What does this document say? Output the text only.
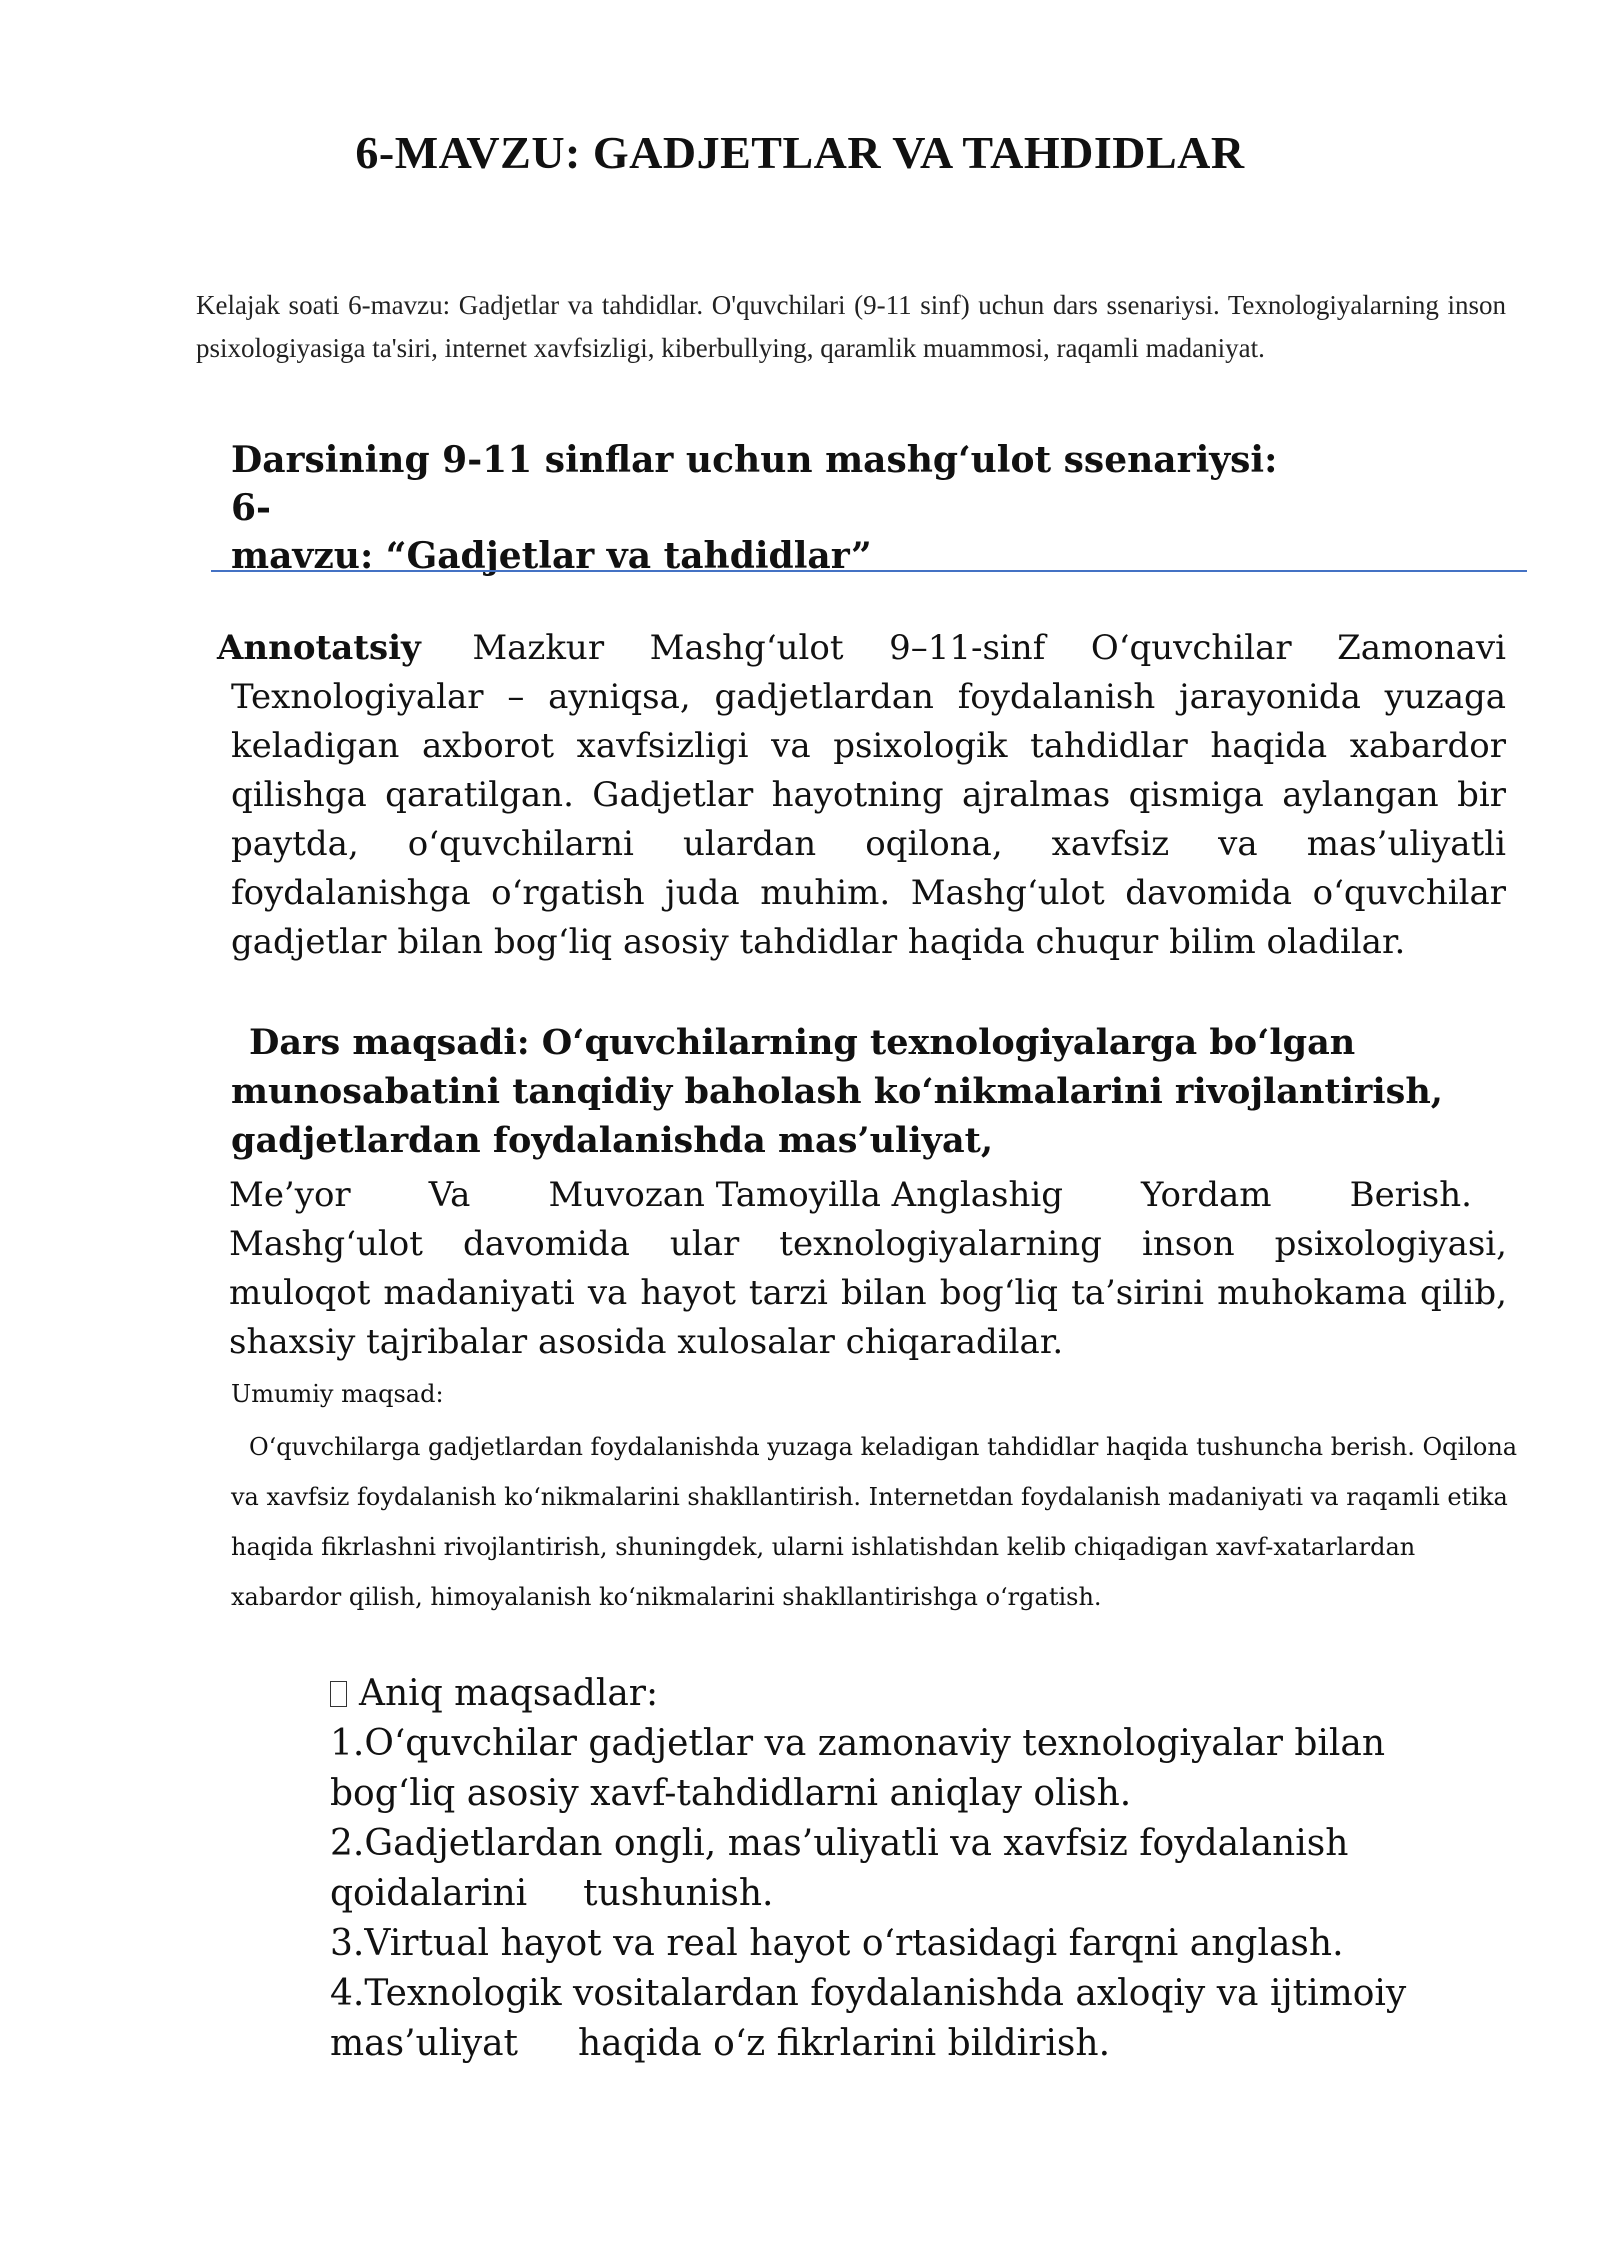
6-MAVZU: GADJETLAR VA TAHDIDLAR

Kelajak soati 6-mavzu: Gadjetlar va tahdidlar. O'quvchilari (9-11 sinf) uchun dars ssenariysi. Texnologiyalarning inson psixologiyasiga ta'siri, internet xavfsizligi, kiberbullying, qaramlik muammosi, raqamli madaniyat.

Darsining 9-11 sinflar uchun mashg‘ulot ssenariysi: 6-
mavzu: “Gadjetlar va tahdidlar”

Annotatsiy Mazkur Mashg‘ulot 9–11-sinf O‘quvchilar Zamonavi Texnologiyalar – ayniqsa, gadjetlardan foydalanish jarayonida yuzaga keladigan axborot xavfsizligi va psixologik tahdidlar haqida xabardor qilishga qaratilgan. Gadjetlar hayotning ajralmas qismiga aylangan bir paytda, o‘quvchilarni ulardan oqilona, xavfsiz va mas’uliyatli foydalanishga o‘rgatish juda muhim. Mashg‘ulot davomida o‘quvchilar gadjetlar bilan bog‘liq asosiy tahdidlar haqida chuqur bilim oladilar.

Dars maqsadi: O‘quvchilarning texnologiyalarga bo‘lgan munosabatini tanqidiy baholash ko‘nikmalarini rivojlantirish, gadjetlardan foydalanishda mas’uliyat,

Me’yor Va Muvozan Tamoyilla Anglashig Yordam Berish.
Mashg‘ulot davomida ular texnologiyalarning inson psixologiyasi, muloqot madaniyati va hayot tarzi bilan bog‘liq ta’sirini muhokama qilib, shaxsiy tajribalar asosida xulosalar chiqaradilar.

Umumiy maqsad:

O‘quvchilarga gadjetlardan foydalanishda yuzaga keladigan tahdidlar haqida tushuncha berish. Oqilona va xavfsiz foydalanish ko‘nikmalarini shakllantirish. Internetdan foydalanish madaniyati va raqamli etika haqida fikrlashni rivojlantirish, shuningdek, ularni ishlatishdan kelib chiqadigan xavf-xatarlardan xabardor qilish, himoyalanish ko‘nikmalarini shakllantirishga o‘rgatish.

Aniq maqsadlar:
1.O‘quvchilar gadjetlar va zamonaviy texnologiyalar bilan
bog‘liq asosiy xavf-tahdidlarni aniqlay olish.
2.Gadjetlardan ongli, mas’uliyatli va xavfsiz foydalanish
qoidalarini tushunish.
3.Virtual hayot va real hayot o‘rtasidagi farqni anglash.
4.Texnologik vositalardan foydalanishda axloqiy va ijtimoiy
mas’uliyat haqida o‘z fikrlarini bildirish.
